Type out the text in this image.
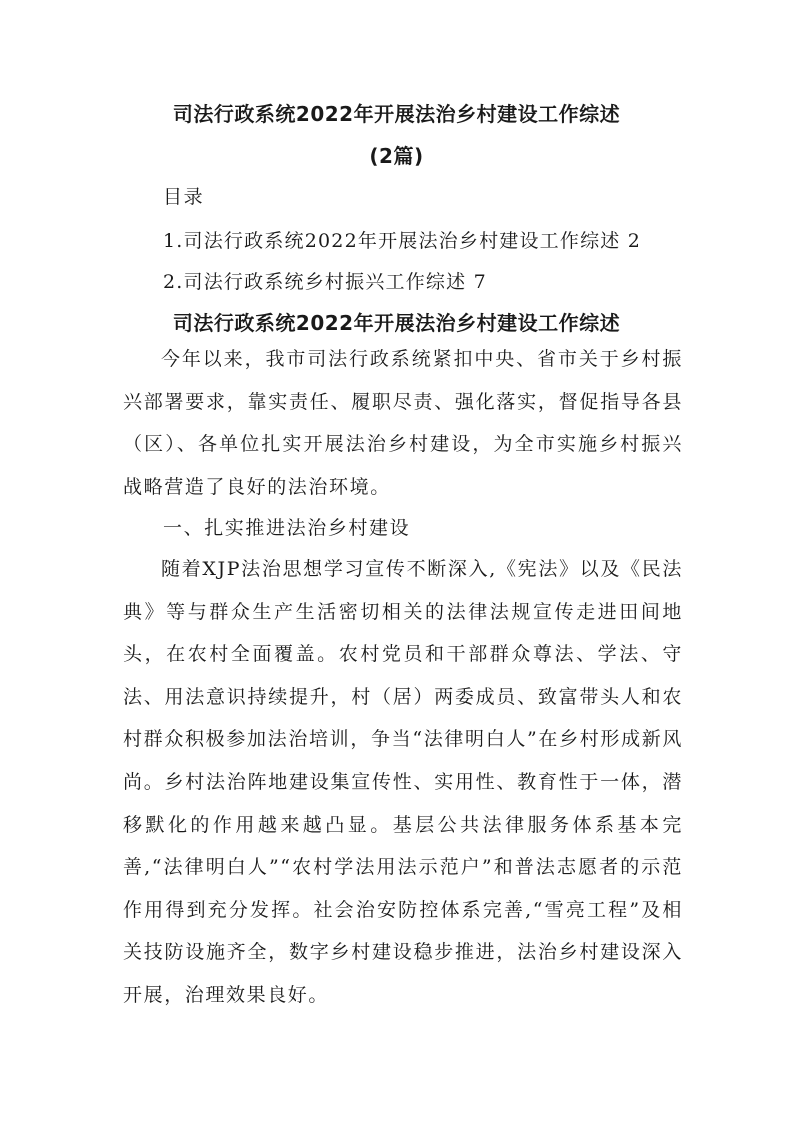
司法行政系统2022年开展法治乡村建设工作综述
(2篇)
目录
1.司法行政系统2022年开展法治乡村建设工作综述 2
2.司法行政系统乡村振兴工作综述 7
司法行政系统2022年开展法治乡村建设工作综述
今年以来，我市司法行政系统紧扣中央、省市关于乡村振兴部署要求，靠实责任、履职尽责、强化落实，督促指导各县（区）、各单位扎实开展法治乡村建设，为全市实施乡村振兴战略营造了良好的法治环境。
一、扎实推进法治乡村建设
随着XJP法治思想学习宣传不断深入,《宪法》以及《民法典》等与群众生产生活密切相关的法律法规宣传走进田间地头，在农村全面覆盖。农村党员和干部群众尊法、学法、守法、用法意识持续提升，村（居）两委成员、致富带头人和农村群众积极参加法治培训，争当“法律明白人”在乡村形成新风尚。乡村法治阵地建设集宣传性、实用性、教育性于一体，潜移默化的作用越来越凸显。基层公共法律服务体系基本完善,“法律明白人”“农村学法用法示范户”和普法志愿者的示范作用得到充分发挥。社会治安防控体系完善,“雪亮工程”及相关技防设施齐全，数字乡村建设稳步推进，法治乡村建设深入开展，治理效果良好。
